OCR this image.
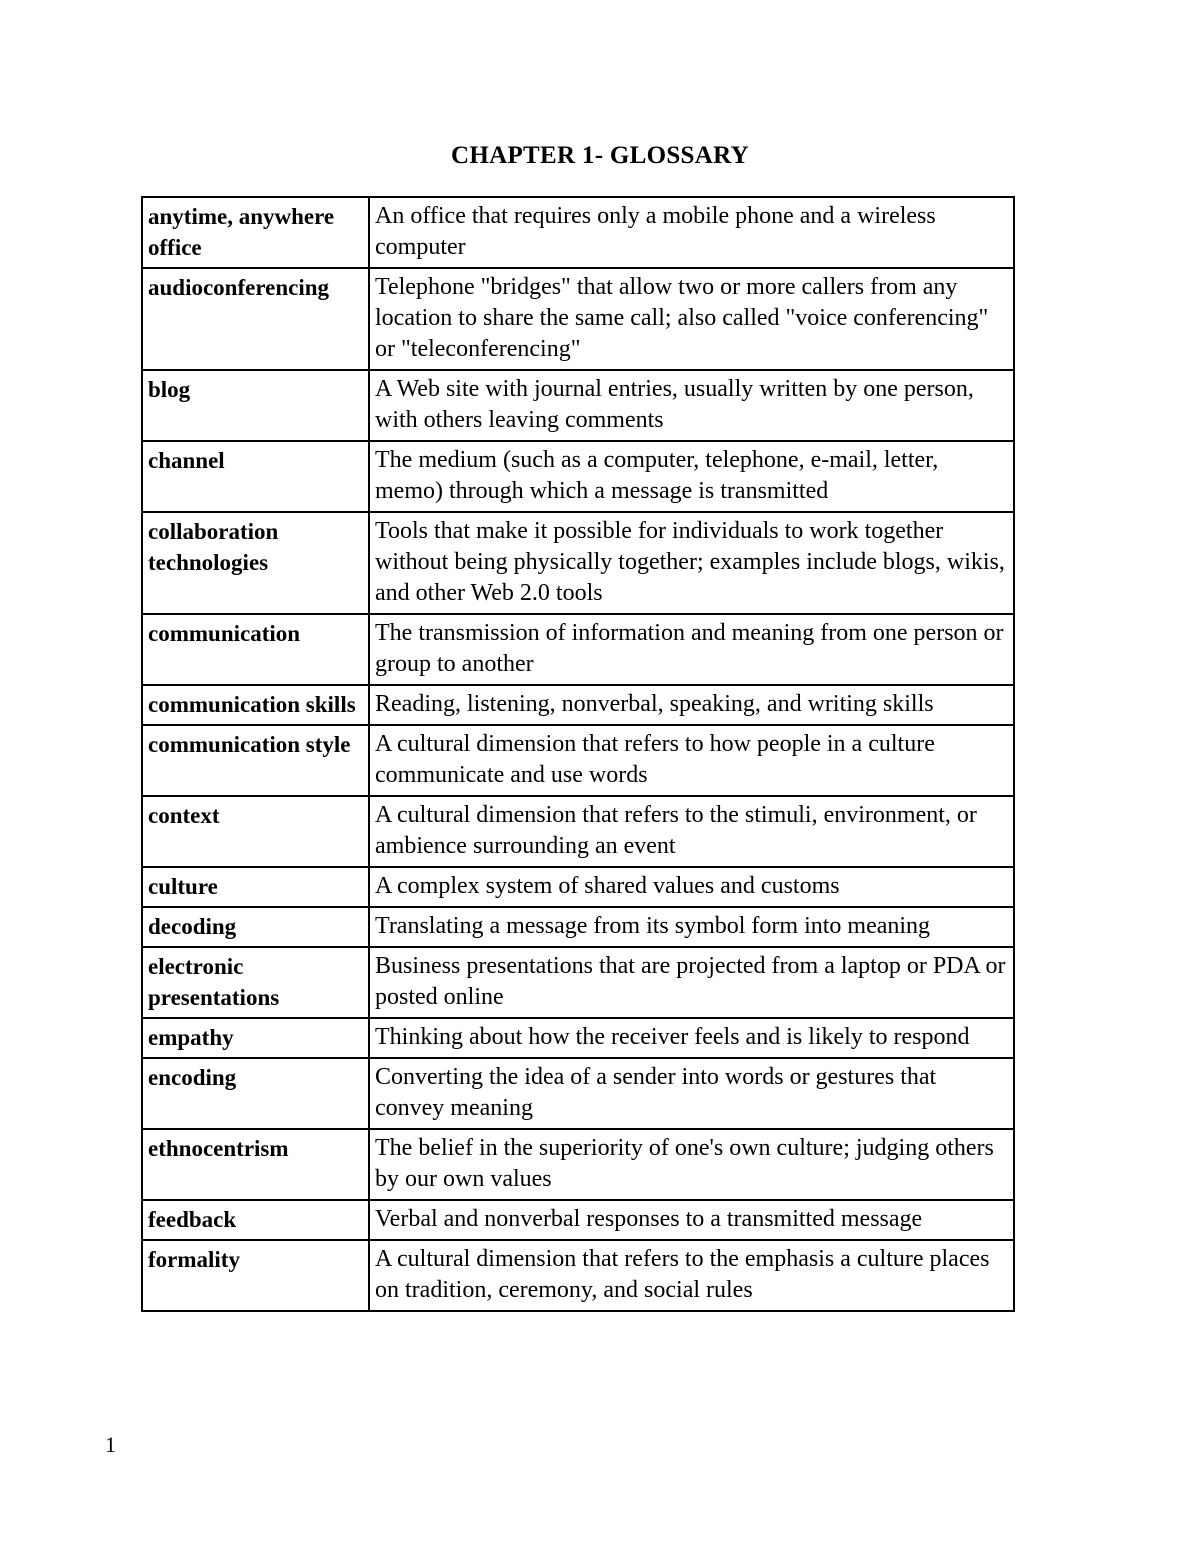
CHAPTER 1- GLOSSARY
anytime, anywhere office	An office that requires only a mobile phone and a wireless computer
audioconferencing	Telephone "bridges" that allow two or more callers from any location to share the same call; also called "voice conferencing" or "teleconferencing"
blog	A Web site with journal entries, usually written by one person, with others leaving comments
channel	The medium (such as a computer, telephone, e-mail, letter, memo) through which a message is transmitted
collaboration technologies	Tools that make it possible for individuals to work together without being physically together; examples include blogs, wikis, and other Web 2.0 tools
communication	The transmission of information and meaning from one person or group to another
communication skills	Reading, listening, nonverbal, speaking, and writing skills
communication style	A cultural dimension that refers to how people in a culture communicate and use words
context	A cultural dimension that refers to the stimuli, environment, or ambience surrounding an event
culture	A complex system of shared values and customs
decoding	Translating a message from its symbol form into meaning
electronic presentations	Business presentations that are projected from a laptop or PDA or posted online
empathy	Thinking about how the receiver feels and is likely to respond
encoding	Converting the idea of a sender into words or gestures that convey meaning
ethnocentrism	The belief in the superiority of one's own culture; judging others by our own values
feedback	Verbal and nonverbal responses to a transmitted message
formality	A cultural dimension that refers to the emphasis a culture places on tradition, ceremony, and social rules
1
